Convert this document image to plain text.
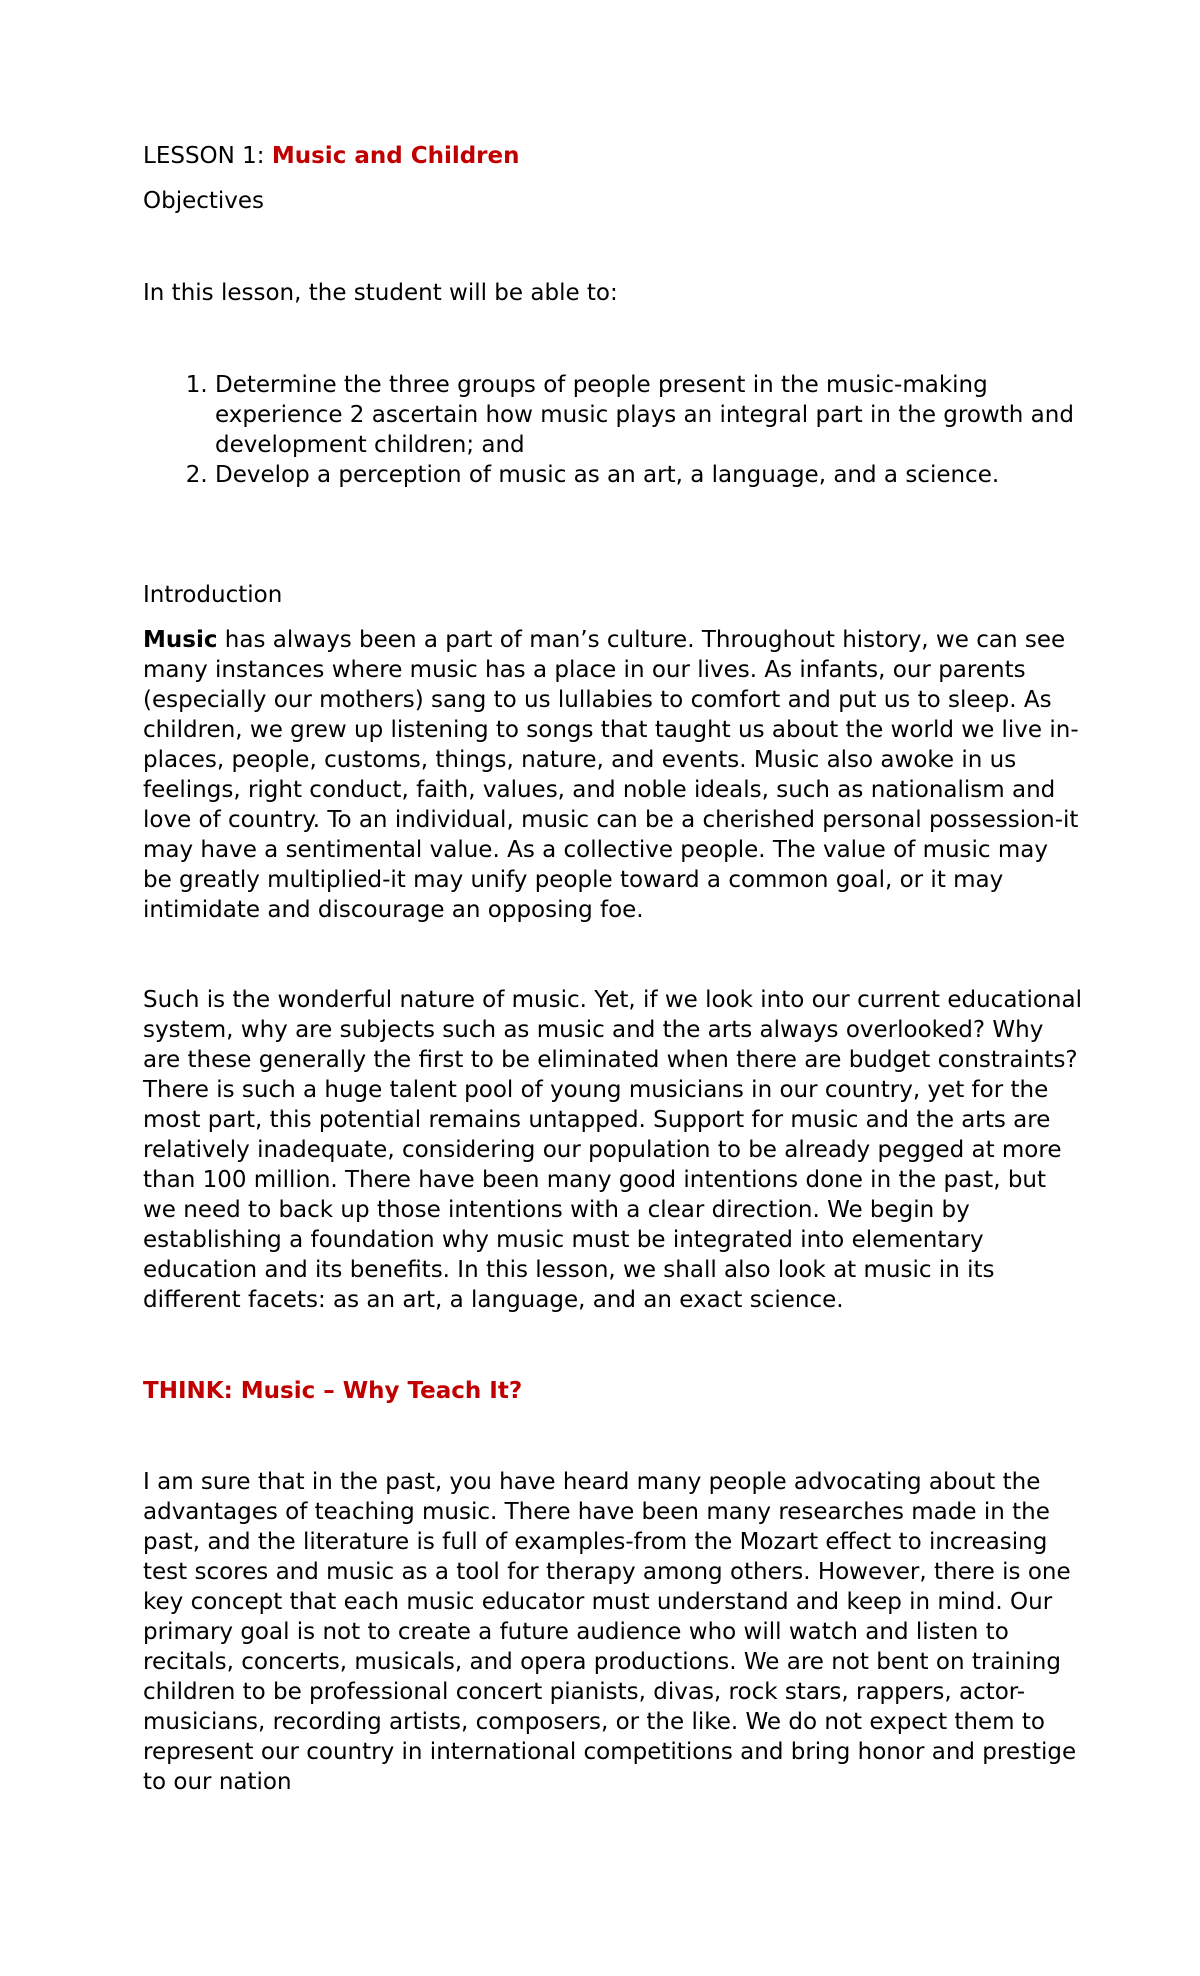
LESSON 1: Music and Children

Objectives

In this lesson, the student will be able to:

1. Determine the three groups of people present in the music-making experience 2 ascertain how music plays an integral part in the growth and development children; and
2. Develop a perception of music as an art, a language, and a science.

Introduction

Music has always been a part of man’s culture. Throughout history, we can see many instances where music has a place in our lives. As infants, our parents (especially our mothers) sang to us lullabies to comfort and put us to sleep. As children, we grew up listening to songs that taught us about the world we live in-places, people, customs, things, nature, and events. Music also awoke in us feelings, right conduct, faith, values, and noble ideals, such as nationalism and love of country. To an individual, music can be a cherished personal possession-it may have a sentimental value. As a collective people. The value of music may be greatly multiplied-it may unify people toward a common goal, or it may intimidate and discourage an opposing foe.

Such is the wonderful nature of music. Yet, if we look into our current educational system, why are subjects such as music and the arts always overlooked? Why are these generally the first to be eliminated when there are budget constraints? There is such a huge talent pool of young musicians in our country, yet for the most part, this potential remains untapped. Support for music and the arts are relatively inadequate, considering our population to be already pegged at more than 100 million. There have been many good intentions done in the past, but we need to back up those intentions with a clear direction. We begin by establishing a foundation why music must be integrated into elementary education and its benefits. In this lesson, we shall also look at music in its different facets: as an art, a language, and an exact science.

THINK: Music – Why Teach It?

I am sure that in the past, you have heard many people advocating about the advantages of teaching music. There have been many researches made in the past, and the literature is full of examples-from the Mozart effect to increasing test scores and music as a tool for therapy among others. However, there is one key concept that each music educator must understand and keep in mind. Our primary goal is not to create a future audience who will watch and listen to recitals, concerts, musicals, and opera productions. We are not bent on training children to be professional concert pianists, divas, rock stars, rappers, actor-musicians, recording artists, composers, or the like. We do not expect them to represent our country in international competitions and bring honor and prestige to our nation
